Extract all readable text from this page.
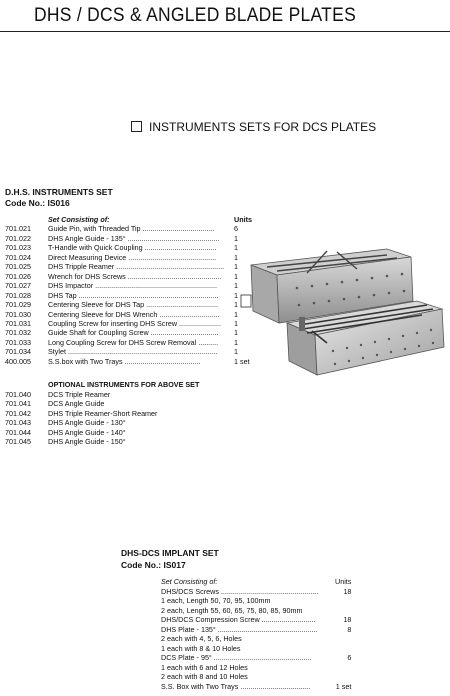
DHS / DCS & ANGLED BLADE PLATES
INSTRUMENTS SETS FOR DCS PLATES
D.H.S. INSTRUMENTS SET
Code No.: IS016
Set Consisting of:	Units
701.021	Guide Pin, with Threaded Tip ....................................	6
701.022	DHS Angle Guide - 135° ..............................................	1
701.023	T-Handle with Quick Coupling ....................................	1
701.024	Direct Measuring Device ............................................	1
701.025	DHS Tripple Reamer ......................................................	1
701.026	Wrench for DHS Screws ...............................................	1
701.027	DHS Impactor .............................................................	1
701.028	DHS Tap ......................................................................	1
701.029	Centering Sleeve for DHS Tap ....................................	1
701.030	Centering Sleeve for DHS Wrench ..............................	1
701.031	Coupling Screw for inserting DHS Screw .....................	1
701.032	Guide Shaft for Coupling Screw ..................................	1
701.033	Long Coupling Screw for DHS Screw Removal ..........	1
701.034	Stylet ...........................................................................	1
400.005	S.S.box with Two Trays ......................................	1 set
OPTIONAL INSTRUMENTS FOR ABOVE SET
701.040	DCS Triple Reamer
701.041	DCS Angle Guide
701.042	DHS Triple Reamer-Short Reamer
701.043	DHS Angle Guide - 130°
701.044	DHS Angle Guide - 140°
701.045	DHS Angle Guide - 150°
DHS-DCS IMPLANT SET
Code No.: IS017
Set Consisting of:	Units
DHS/DCS Screws .................................................	18
1 each, Length 50, 70, 95, 100mm
2 each, Length 55, 60, 65, 75, 80, 85, 90mm
DHS/DCS Compression Screw ...........................	18
DHS Plate - 135° ..................................................	8
2 each with 4, 5, 6, Holes
1 each with 8 & 10 Holes
DCS Plate - 95° .................................................	6
1 each with 6 and 12 Holes
2 each with 8 and 10 Holes
S.S. Box with Two Trays ...................................	1 set
